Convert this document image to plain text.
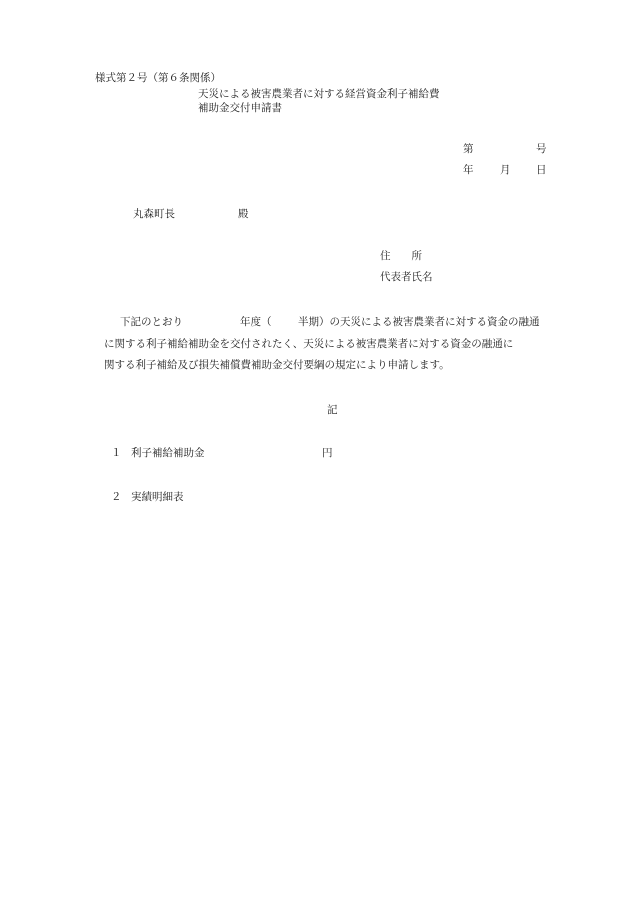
様式第２号（第６条関係）
天災による被害農業者に対する経営資金利子補給費
補助金交付申請書
第	号
年	月 日
丸森町長	殿
住　　所
代表者氏名
下記のとおり	年度（	半期）の天災による被害農業者に対する資金の融通
に関する利子補給補助金を交付されたく、天災による被害農業者に対する資金の融通に
関する利子補給及び損失補償費補助金交付要綱の規定により申請します。
記
１ 利子補給補助金	円
２ 実績明細表
